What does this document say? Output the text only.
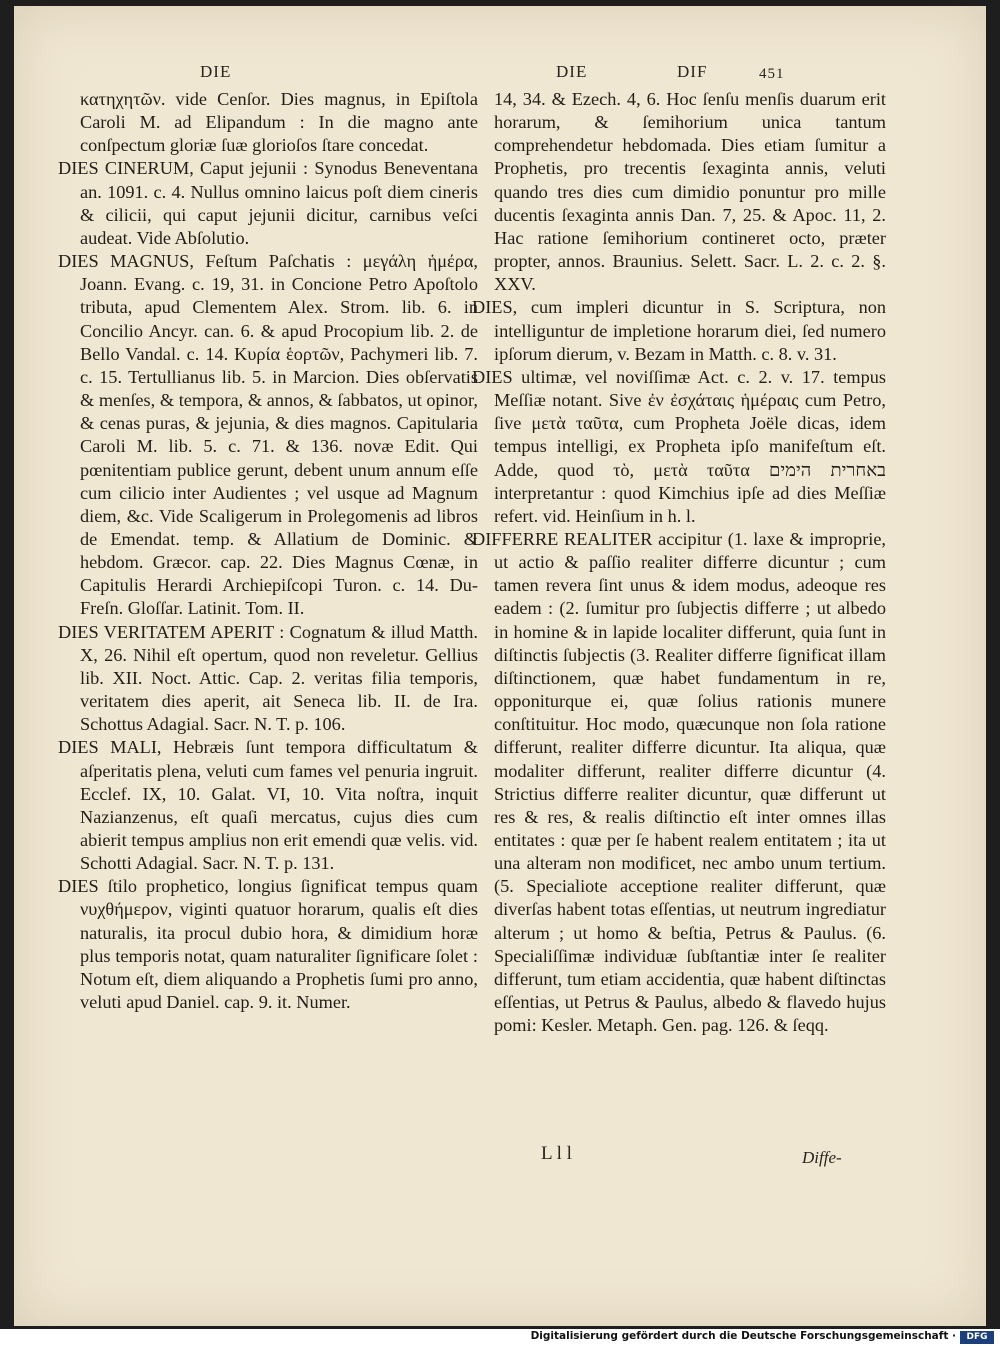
DIE	DIE	DIF	451

κατηχητῶν. vide Cenſor. Dies magnus, in Epiſtola Caroli M. ad Elipandum : In die magno ante conſpectum gloriæ ſuæ glorioſos ſtare concedat.

DIES CINERUM, Caput jejunii : Synodus Beneventana an. 1091. c. 4. Nullus omnino laicus poſt diem cineris & cilicii, qui caput jejunii dicitur, carnibus veſci audeat. Vide Abſolutio.

DIES MAGNUS, Feſtum Paſchatis : μεγάλη ἡμέρα, Joann. Evang. c. 19, 31. in Concione Petro Apoſtolo tributa, apud Clementem Alex. Strom. lib. 6. in Concilio Ancyr. can. 6. & apud Procopium lib. 2. de Bello Vandal. c. 14. Κυρία ἑορτῶν, Pachymeri lib. 7. c. 15. Tertullianus lib. 5. in Marcion. Dies obſervatis & menſes, & tempora, & annos, & ſabbatos, ut opinor, & cenas puras, & jejunia, & dies magnos. Capitularia Caroli M. lib. 5. c. 71. & 136. novæ Edit. Qui pœnitentiam publice gerunt, debent unum annum eſſe cum cilicio inter Audientes ; vel usque ad Magnum diem, &c. Vide Scaligerum in Prolegomenis ad libros de Emendat. temp. & Allatium de Dominic. & hebdom. Græcor. cap. 22. Dies Magnus Cœnæ, in Capitulis Herardi Archiepiſcopi Turon. c. 14. Du-Freſn. Gloſſar. Latinit. Tom. II.

DIES VERITATEM APERIT : Cognatum & illud Matth. X, 26. Nihil eſt opertum, quod non reveletur. Gellius lib. XII. Noct. Attic. Cap. 2. veritas filia temporis, veritatem dies aperit, ait Seneca lib. II. de Ira. Schottus Adagial. Sacr. N. T. p. 106.

DIES MALI, Hebræis ſunt tempora difficultatum & aſperitatis plena, veluti cum fames vel penuria ingruit. Ecclef. IX, 10. Galat. VI, 10. Vita noſtra, inquit Nazianzenus, eſt quaſi mercatus, cujus dies cum abierit tempus amplius non erit emendi quæ velis. vid. Schotti Adagial. Sacr. N. T. p. 131.

DIES ſtilo prophetico, longius ſignificat tempus quam νυχθήμερον, viginti quatuor horarum, qualis eſt dies naturalis, ita procul dubio hora, & dimidium horæ plus temporis notat, quam naturaliter ſignificare ſolet : Notum eſt, diem aliquando a Prophetis ſumi pro anno, veluti apud Daniel. cap. 9. it. Numer.

14, 34. & Ezech. 4, 6. Hoc ſenſu menſis duarum erit horarum, & ſemihorium unica tantum comprehendetur hebdomada. Dies etiam ſumitur a Prophetis, pro trecentis ſexaginta annis, veluti quando tres dies cum dimidio ponuntur pro mille ducentis ſexaginta annis Dan. 7, 25. & Apoc. 11, 2. Hac ratione ſemihorium contineret octo, præter propter, annos. Braunius. Selett. Sacr. L. 2. c. 2. §. XXV.

DIES, cum impleri dicuntur in S. Scriptura, non intelliguntur de impletione horarum diei, ſed numero ipſorum dierum, v. Bezam in Matth. c. 8. v. 31.

DIES ultimæ, vel noviſſimæ Act. c. 2. v. 17. tempus Meſſiæ notant. Sive ἐν ἐσχάταις ἡμέραις cum Petro, ſive μετὰ ταῦτα, cum Propheta Joële dicas, idem tempus intelligi, ex Propheta ipſo manifeſtum eſt. Adde, quod τὸ, μετὰ ταῦτα באחרית הימים interpretantur : quod Kimchius ipſe ad dies Meſſiæ refert. vid. Heinſium in h. l.

DIFFERRE REALITER accipitur (1. laxe & improprie, ut actio & paſſio realiter differre dicuntur ; cum tamen revera ſint unus & idem modus, adeoque res eadem : (2. ſumitur pro ſubjectis differre ; ut albedo in homine & in lapide localiter differunt, quia ſunt in diſtinctis ſubjectis (3. Realiter differre ſignificat illam diſtinctionem, quæ habet fundamentum in re, opponiturque ei, quæ ſolius rationis munere conſtituitur. Hoc modo, quæcunque non ſola ratione differunt, realiter differre dicuntur. Ita aliqua, quæ modaliter differunt, realiter differre dicuntur (4. Strictius differre realiter dicuntur, quæ differunt ut res & res, & realis diſtinctio eſt inter omnes illas entitates : quæ per ſe habent realem entitatem ; ita ut una alteram non modificet, nec ambo unum tertium. (5. Specialiote acceptione realiter differunt, quæ diverſas habent totas eſſentias, ut neutrum ingrediatur alterum ; ut homo & beſtia, Petrus & Paulus. (6. Specialiſſimæ individuæ ſubſtantiæ inter ſe realiter differunt, tum etiam accidentia, quæ habent diſtinctas eſſentias, ut Petrus & Paulus, albedo & flavedo hujus pomi: Kesler. Metaph. Gen. pag. 126. & ſeqq.

L l l	Diffe-
Digitalisierung gefördert durch die Deutsche Forschungsgemeinschaft ·	DFG
